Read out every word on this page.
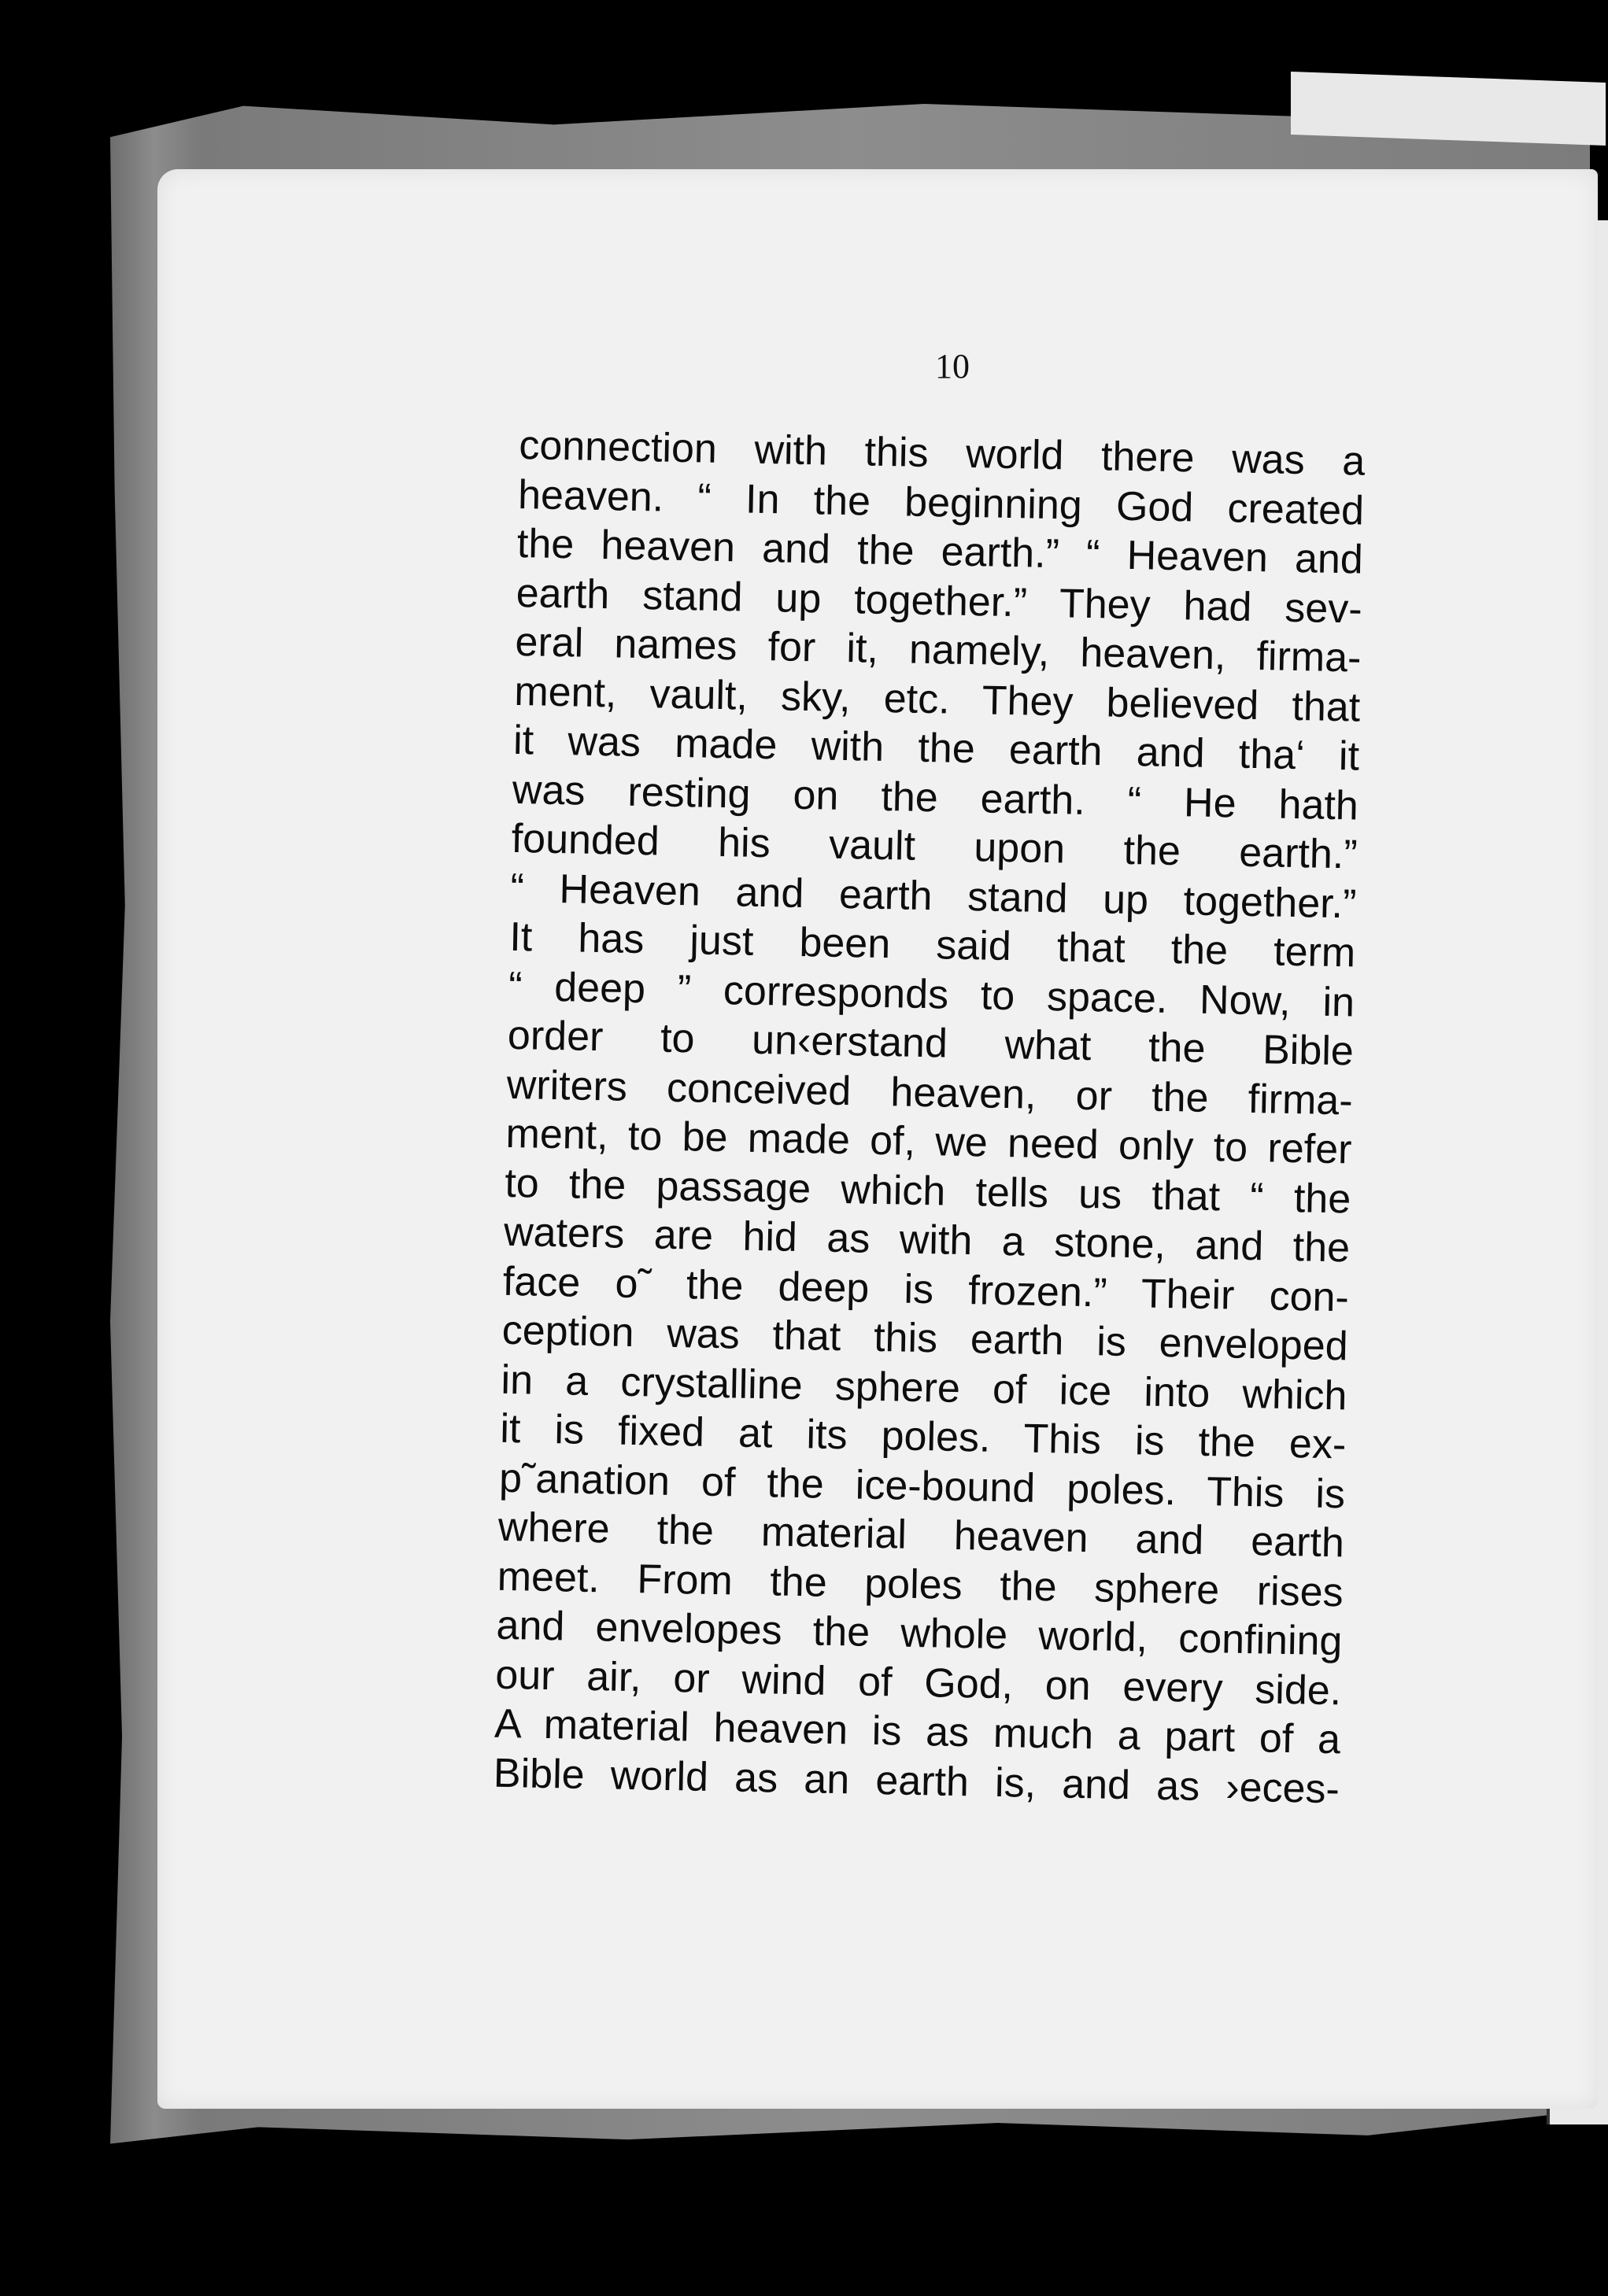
10
connection with this world there was a
heaven. “ In the beginning God created
the heaven and the earth.” “ Heaven and
earth stand up together.” They had sev-
eral names for it, namely, heaven, firma-
ment, vault, sky, etc. They believed that
it was made with the earth and tha‘ it
was resting on the earth. “ He hath
founded his vault upon the earth.”
“ Heaven and earth stand up together.”
It has just been said that the term
“ deep ” corresponds to space. Now, in
order to un‹erstand what the Bible
writers conceived heaven, or the firma-
ment, to be made of, we need only to refer
to the passage which tells us that “ the
waters are hid as with a stone, and the
face o˜ the deep is frozen.” Their con-
ception was that this earth is enveloped
in a crystalline sphere of ice into which
it is fixed at its poles. This is the ex-
p˜anation of the ice-bound poles. This is
where the material heaven and earth
meet. From the poles the sphere rises
and envelopes the whole world, confining
our air, or wind of God, on every side.
A material heaven is as much a part of a
Bible world as an earth is, and as ›eces-
